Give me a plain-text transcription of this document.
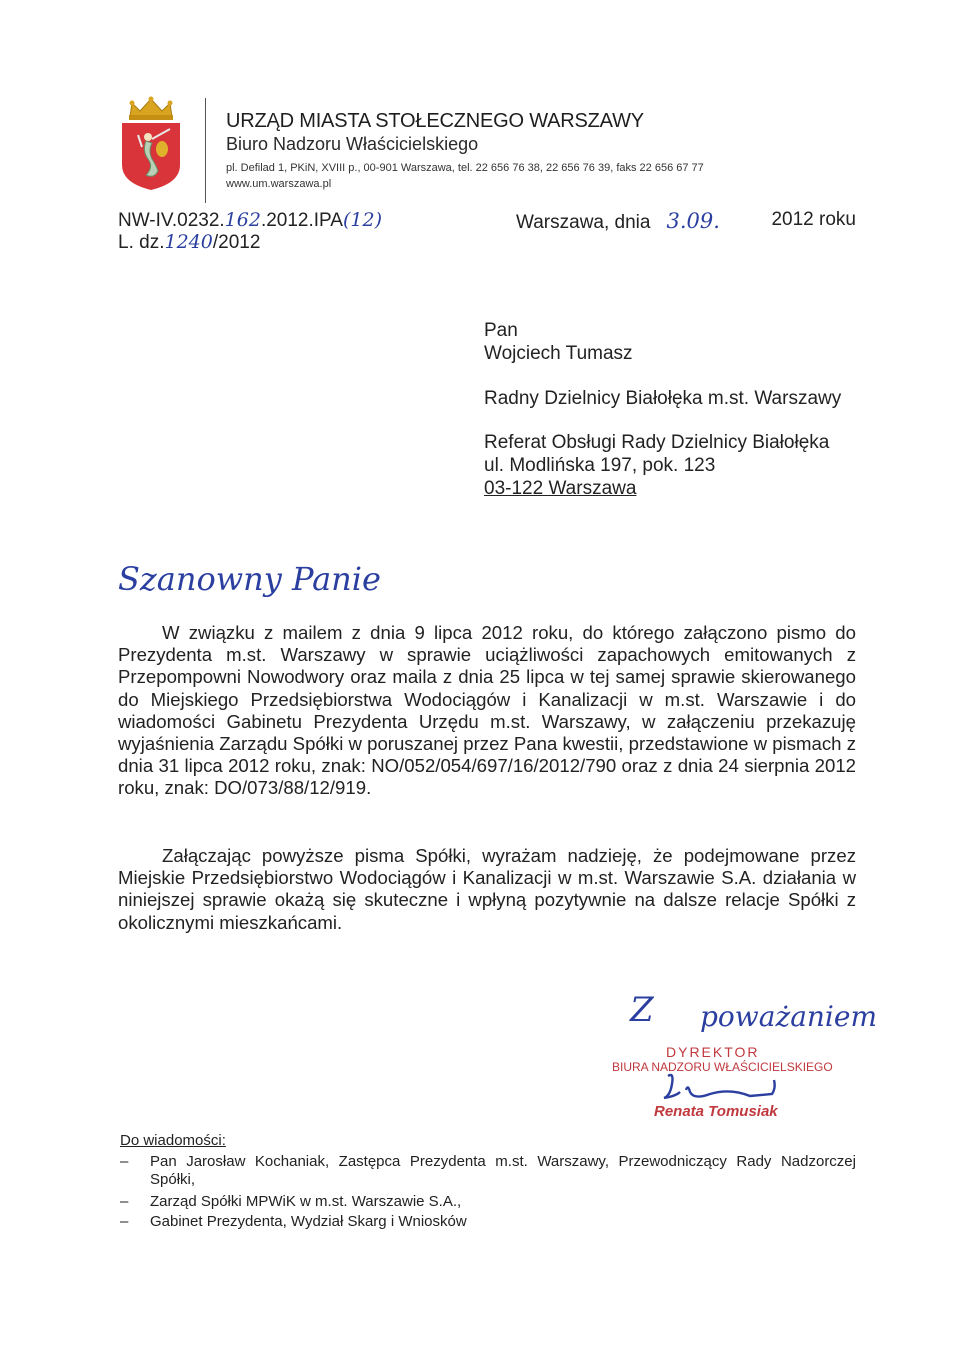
URZĄD MIASTA STOŁECZNEGO WARSZAWY
Biuro Nadzoru Właścicielskiego
pl. Defilad 1, PKiN, XVIII p., 00-901 Warszawa, tel. 22 656 76 38, 22 656 76 39, faks 22 656 67 77
www.um.warszawa.pl
NW-IV.0232.162.2012.IPA(12)
L. dz.1240/2012
Warszawa, dnia 3.09.	2012 roku
Pan
Wojciech Tumasz
Radny Dzielnicy Białołęka m.st. Warszawy
Referat Obsługi Rady Dzielnicy Białołęka
ul. Modlińska 197, pok. 123
03-122 Warszawa
Szanowny Panie
W związku z mailem z dnia 9 lipca 2012 roku, do którego załączono pismo do Prezydenta m.st. Warszawy w sprawie uciążliwości zapachowych emitowanych z Przepompowni Nowodwory oraz maila z dnia 25 lipca w tej samej sprawie skierowanego do Miejskiego Przedsiębiorstwa Wodociągów i Kanalizacji w m.st. Warszawie i do wiadomości Gabinetu Prezydenta Urzędu m.st. Warszawy, w załączeniu przekazuję wyjaśnienia Zarządu Spółki w poruszanej przez Pana kwestii, przedstawione w pismach z dnia 31 lipca 2012 roku, znak: NO/052/054/697/16/2012/790 oraz z dnia 24 sierpnia 2012 roku, znak: DO/073/88/12/919.
Załączając powyższe pisma Spółki, wyrażam nadzieję, że podejmowane przez Miejskie Przedsiębiorstwo Wodociągów i Kanalizacji w m.st. Warszawie S.A. działania w niniejszej sprawie okażą się skuteczne i wpłyną pozytywnie na dalsze relacje Spółki z okolicznymi mieszkańcami.
Z poważaniem
DYREKTOR
BIURA NADZORU WŁAŚCICIELSKIEGO
Renata Tomusiak
Do wiadomości:
–	Pan Jarosław Kochaniak, Zastępca Prezydenta m.st. Warszawy, Przewodniczący Rady Nadzorczej Spółki,
–	Zarząd Spółki MPWiK w m.st. Warszawie S.A.,
–	Gabinet Prezydenta, Wydział Skarg i Wniosków
